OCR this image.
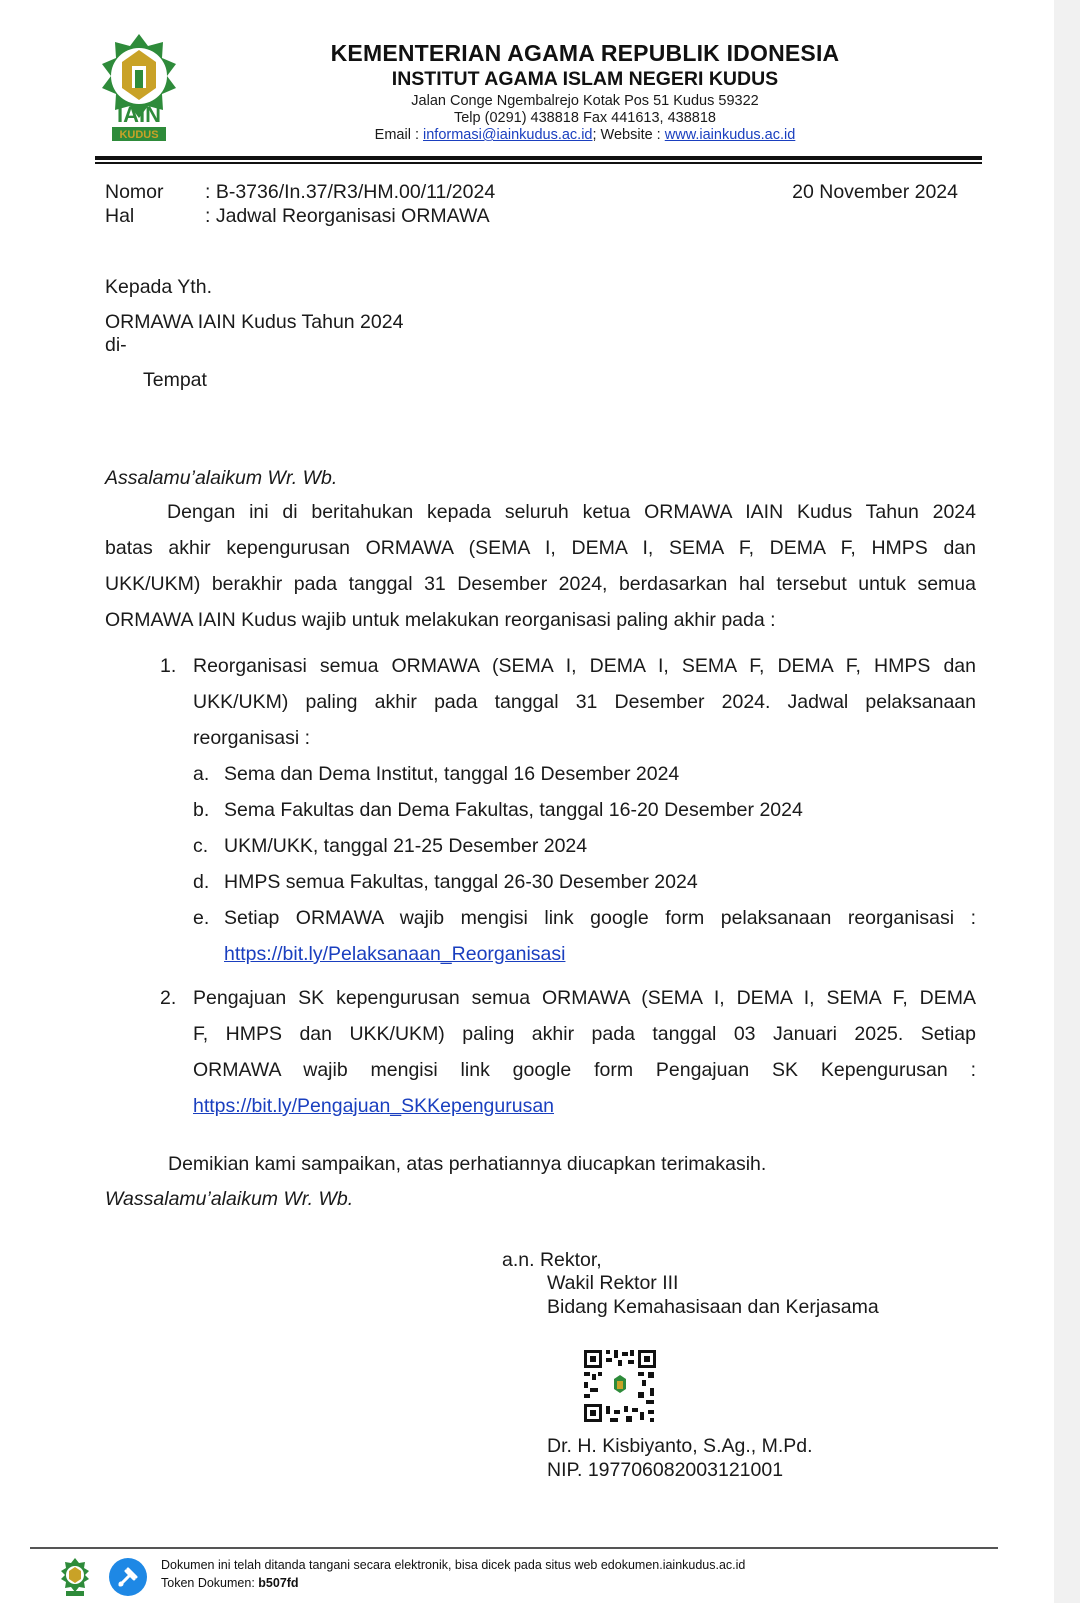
IAIN
KUDUS
KEMENTERIAN AGAMA REPUBLIK IDONESIA
INSTITUT AGAMA ISLAM NEGERI KUDUS
Jalan Conge Ngembalrejo Kotak Pos 51 Kudus 59322
Telp (0291) 438818 Fax 441613, 438818
Email : informasi@iainkudus.ac.id; Website : www.iainkudus.ac.id
Nomor : B-3736/In.37/R3/HM.00/11/2024	20 November 2024
Hal	: Jadwal Reorganisasi ORMAWA
Kepada Yth.
ORMAWA IAIN Kudus Tahun 2024
di-
Tempat
Assalamu’alaikum Wr. Wb.
Dengan ini di beritahukan kepada seluruh ketua ORMAWA IAIN Kudus Tahun 2024
batas akhir kepengurusan ORMAWA (SEMA I, DEMA I, SEMA F, DEMA F, HMPS dan
UKK/UKM) berakhir pada tanggal 31 Desember 2024, berdasarkan hal tersebut untuk semua
ORMAWA IAIN Kudus wajib untuk melakukan reorganisasi paling akhir pada :
1. Reorganisasi semua ORMAWA (SEMA I, DEMA I, SEMA F, DEMA F, HMPS dan
UKK/UKM) paling akhir pada tanggal 31 Desember 2024. Jadwal pelaksanaan
reorganisasi :
a. Sema dan Dema Institut, tanggal 16 Desember 2024
b. Sema Fakultas dan Dema Fakultas, tanggal 16-20 Desember 2024
c. UKM/UKK, tanggal 21-25 Desember 2024
d. HMPS semua Fakultas, tanggal 26-30 Desember 2024
e. Setiap ORMAWA wajib mengisi link google form pelaksanaan reorganisasi :
https://bit.ly/Pelaksanaan_Reorganisasi
2. Pengajuan SK kepengurusan semua ORMAWA (SEMA I, DEMA I, SEMA F, DEMA
F, HMPS dan UKK/UKM) paling akhir pada tanggal 03 Januari 2025. Setiap
ORMAWA wajib mengisi link google form Pengajuan SK Kepengurusan :
https://bit.ly/Pengajuan_SKKepengurusan
Demikian kami sampaikan, atas perhatiannya diucapkan terimakasih.
Wassalamu’alaikum Wr. Wb.
a.n. Rektor,
Wakil Rektor III
Bidang Kemahasisaan dan Kerjasama
Dr. H. Kisbiyanto, S.Ag., M.Pd.
NIP. 197706082003121001
Dokumen ini telah ditanda tangani secara elektronik, bisa dicek pada situs web edokumen.iainkudus.ac.id
Token Dokumen: b507fd
